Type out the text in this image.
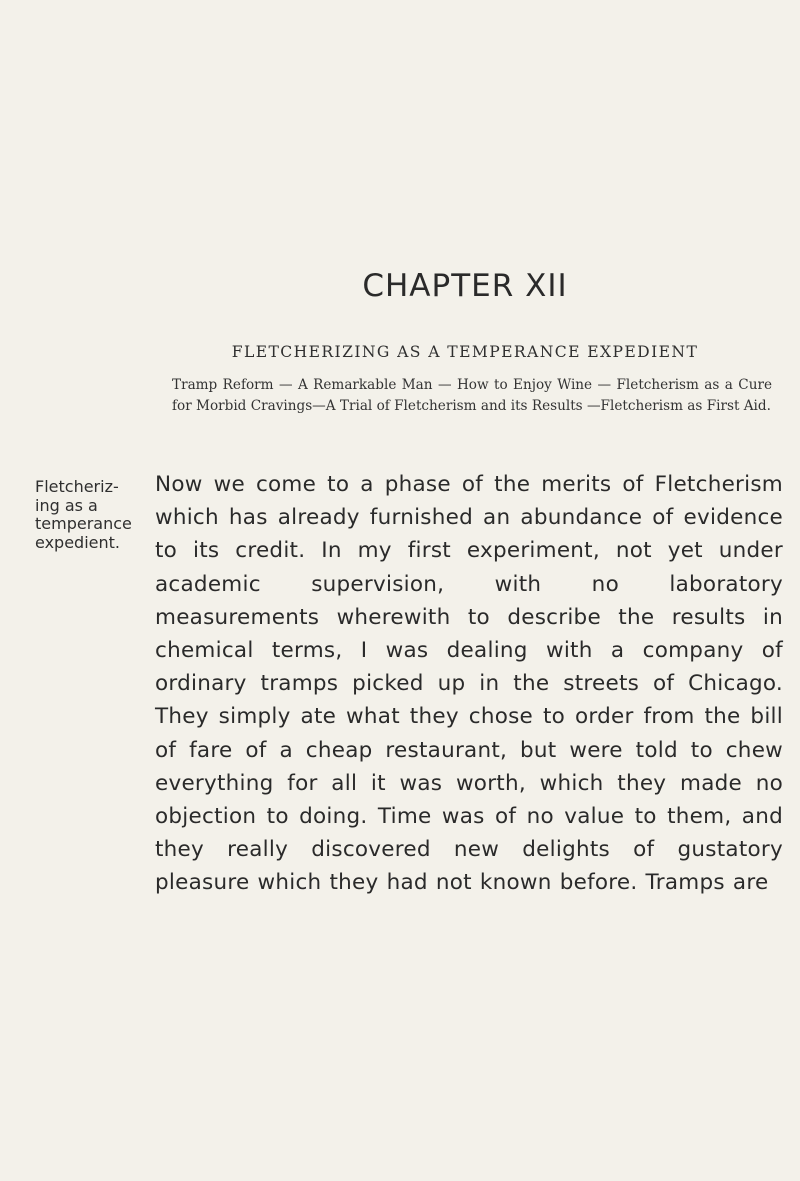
CHAPTER XII
FLETCHERIZING AS A TEMPERANCE EXPEDIENT
Tramp Reform — A Remarkable Man — How to Enjoy Wine — Fletcherism as a Cure for Morbid Cravings—A Trial of Fletcherism and its Results —Fletcherism as First Aid.
Fletcheriz-
ing as a
temperance
expedient.
Now we come to a phase of the merits of Fletcherism which has already furnished an abundance of evidence to its credit. In my first experiment, not yet under academic supervision, with no laboratory measurements wherewith to describe the results in chemical terms, I was dealing with a company of ordinary tramps picked up in the streets of Chicago. They simply ate what they chose to order from the bill of fare of a cheap restaurant, but were told to chew everything for all it was worth, which they made no objection to doing. Time was of no value to them, and they really discovered new delights of gustatory pleasure which they had not known before. Tramps are
